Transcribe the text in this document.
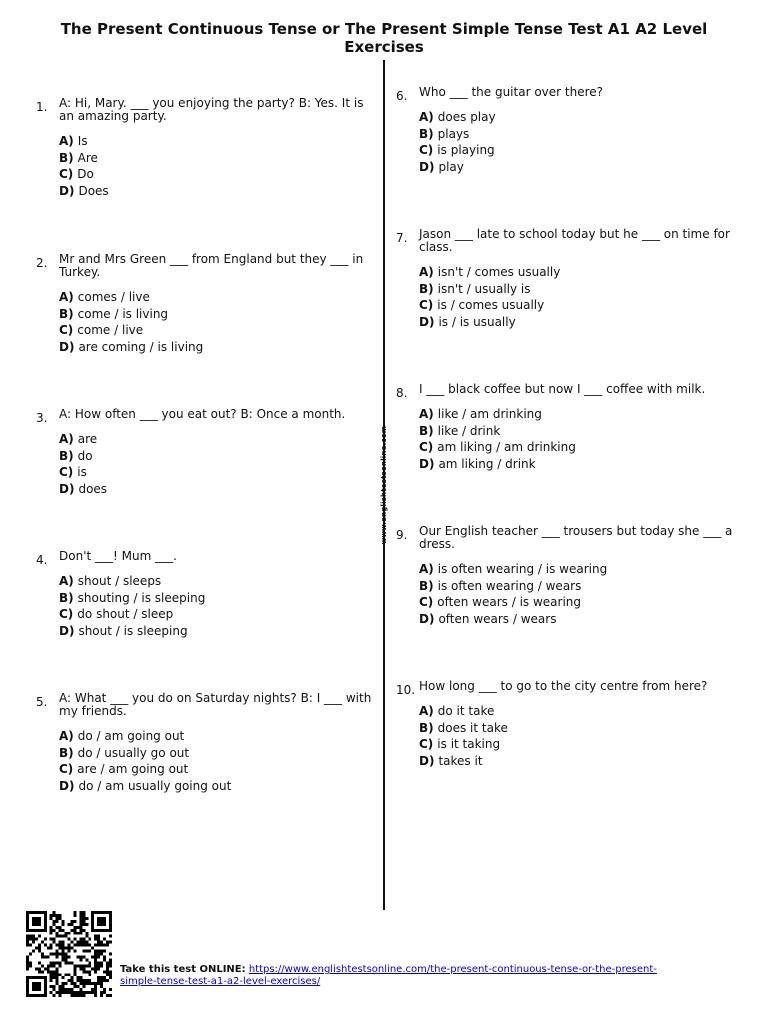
The Present Continuous Tense or The Present Simple Tense Test A1 A2 Level Exercises
www.englishtestsonline.com
1. A: Hi, Mary. ___ you enjoying the party? B: Yes. It is an amazing party.
A) Is
B) Are
C) Do
D) Does
2. Mr and Mrs Green ___ from England but they ___ in Turkey.
A) comes / live
B) come / is living
C) come / live
D) are coming / is living
3. A: How often ___ you eat out? B: Once a month.
A) are
B) do
C) is
D) does
4. Don't ___! Mum ___.
A) shout / sleeps
B) shouting / is sleeping
C) do shout / sleep
D) shout / is sleeping
5. A: What ___ you do on Saturday nights? B: I ___ with my friends.
A) do / am going out
B) do / usually go out
C) are / am going out
D) do / am usually going out
6. Who ___ the guitar over there?
A) does play
B) plays
C) is playing
D) play
7. Jason ___ late to school today but he ___ on time for class.
A) isn't / comes usually
B) isn't / usually is
C) is / comes usually
D) is / is usually
8. I ___ black coffee but now I ___ coffee with milk.
A) like / am drinking
B) like / drink
C) am liking / am drinking
D) am liking / drink
9. Our English teacher ___ trousers but today she ___ a dress.
A) is often wearing / is wearing
B) is often wearing / wears
C) often wears / is wearing
D) often wears / wears
10. How long ___ to go to the city centre from here?
A) do it take
B) does it take
C) is it taking
D) takes it
Take this test ONLINE: https://www.englishtestsonline.com/the-present-continuous-tense-or-the-present-simple-tense-test-a1-a2-level-exercises/
